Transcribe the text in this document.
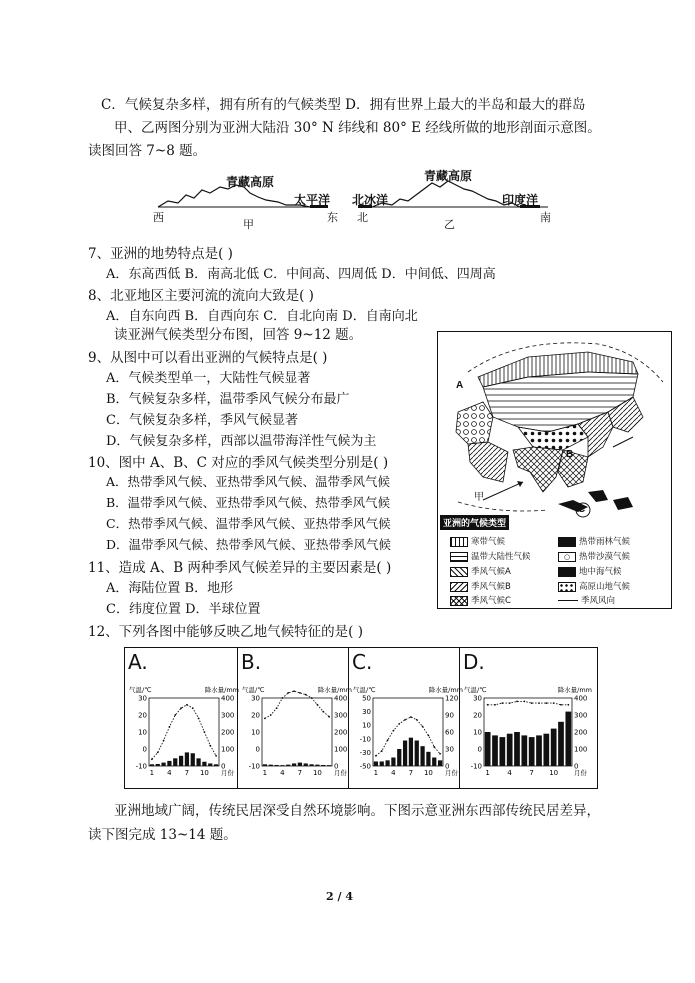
C．气候复杂多样，拥有所有的气候类型 D．拥有世界上最大的半岛和最大的群岛
甲、乙两图分别为亚洲大陆沿 30° N 纬线和 80° E 经线所做的地形剖面示意图。
读图回答 7~8 题。
青藏高原
太平洋
西	东
甲
青藏高原
北冰洋	印度洋
北	南
乙
7、亚洲的地势特点是( )
A．东高西低 B．南高北低 C．中间高、四周低 D．中间低、四周高
8、北亚地区主要河流的流向大致是( )
A．自东向西 B．自西向东 C．自北向南 D．自南向北
读亚洲气候类型分布图，回答 9~12 题。
9、从图中可以看出亚洲的气候特点是( )
A．气候类型单一，大陆性气候显著
B．气候复杂多样，温带季风气候分布最广
C．气候复杂多样，季风气候显著
D．气候复杂多样，西部以温带海洋性气候为主
10、图中 A、B、C 对应的季风气候类型分别是( )
A．热带季风气候、亚热带季风气候、温带季风气候
B．温带季风气候、亚热带季风气候、热带季风气候
C．热带季风气候、温带季风气候、亚热带季风气候
D．温带季风气候、热带季风气候、亚热带季风气候
11、造成 A、B 两种季风气候差异的主要因素是( )
A．海陆位置 B．地形
C．纬度位置 D．半球位置
12、下列各图中能够反映乙地气候特征的是( )
A
B
C
甲
亚洲的气候类型
寒带气候	热带雨林气候
温带大陆性气候	○ 热带沙漠气候
季风气候A	地中海气候
季风气候B	高原山地气候
季风气候C	季风风向
A.
气温/℃	降水量/mm
30
20
10
0
-10
400
300
200
100
0
1 4 7 10 月份
B.
气温/℃	降水量/mm
30
20
10
0
-10
400
300
200
100
0
1 4 7 10 月份
C.
气温/℃	降水量/mm
50
30
10
-10
-30
-50
120
90
60
30
0
1 4 7 10 月份
D.
气温/℃	降水量/mm
30
20
10
0
-10
400
300
200
100
0
1	4	7 10 月份
亚洲地域广阔，传统民居深受自然环境影响。下图示意亚洲东西部传统民居差异，
读下图完成 13~14 题。
2 / 4
